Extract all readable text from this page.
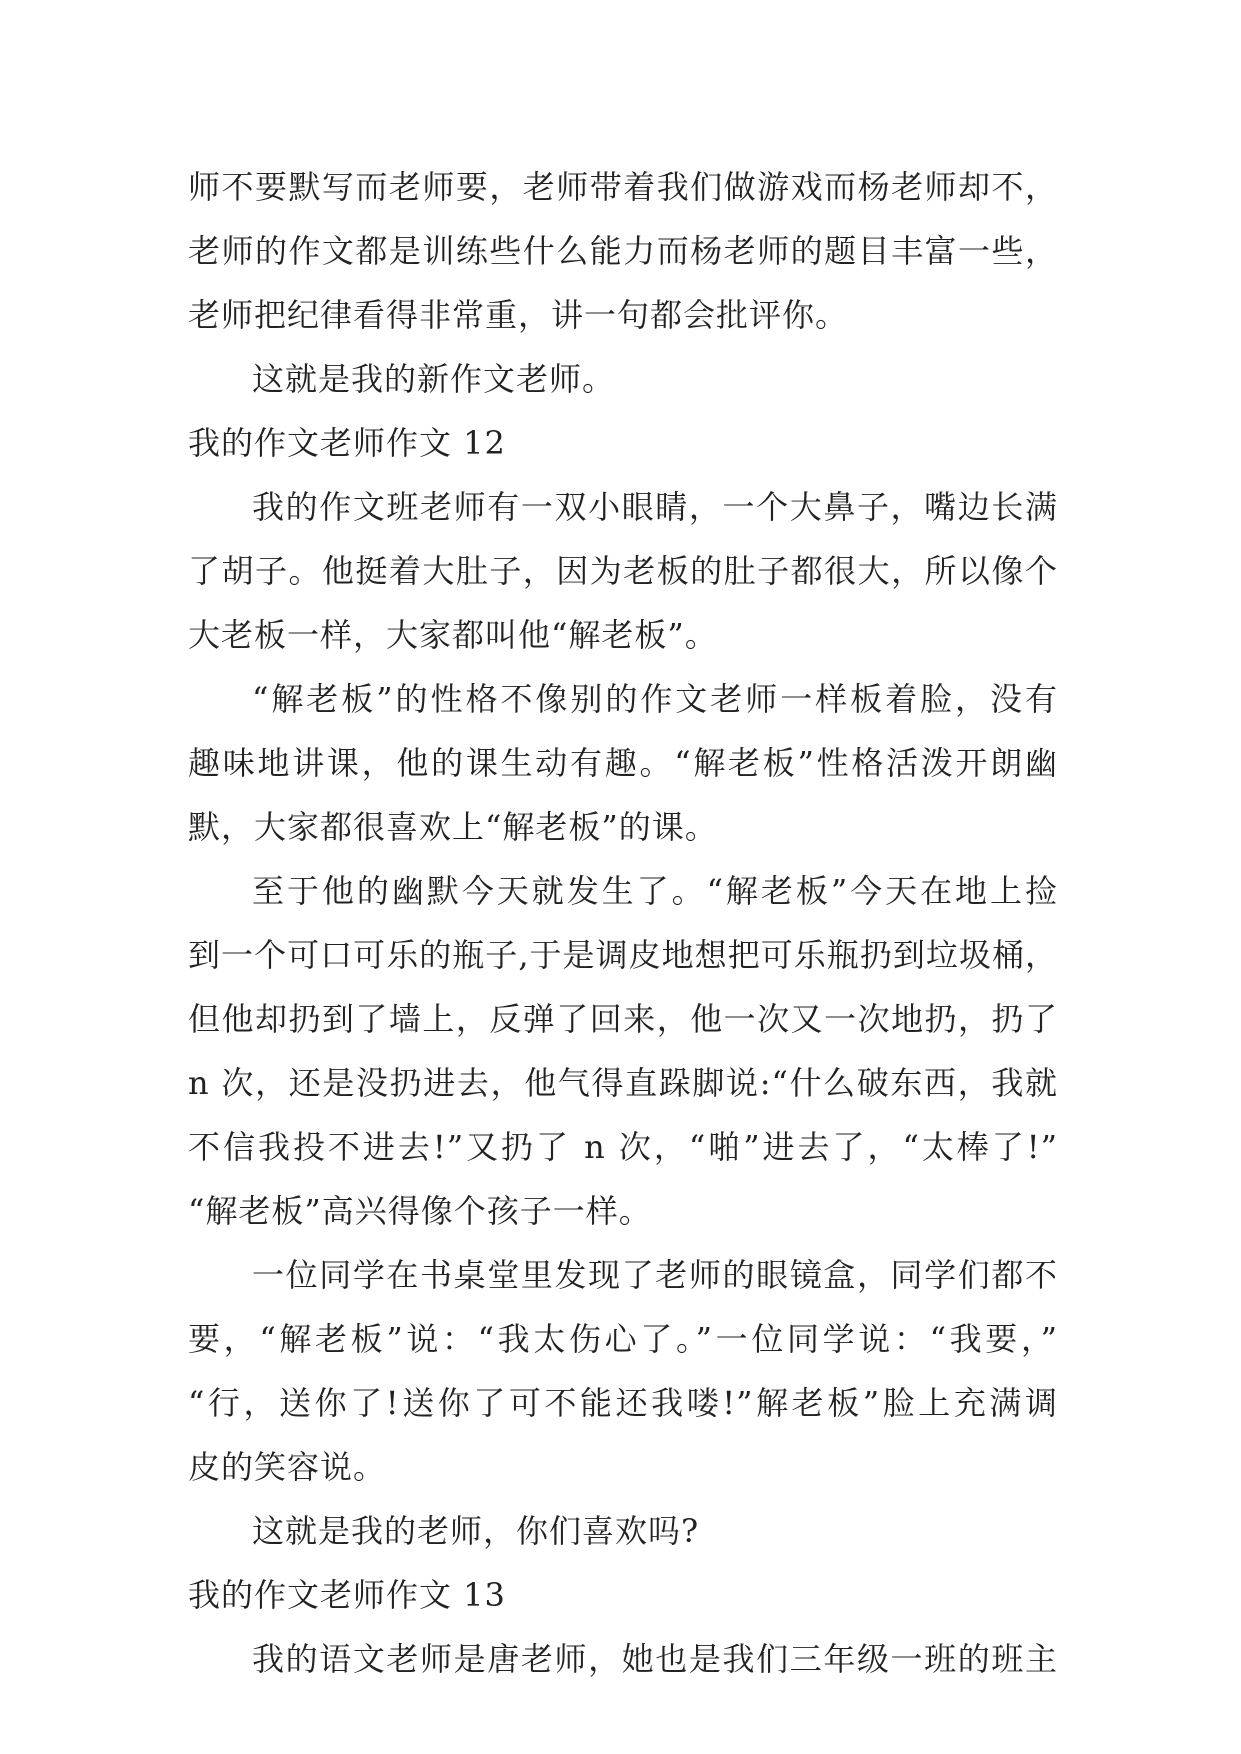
师不要默写而老师要，老师带着我们做游戏而杨老师却不，
老师的作文都是训练些什么能力而杨老师的题目丰富一些，
老师把纪律看得非常重，讲一句都会批评你。
这就是我的新作文老师。
我的作文老师作文 12
我的作文班老师有一双小眼睛，一个大鼻子，嘴边长满
了胡子。他挺着大肚子，因为老板的肚子都很大，所以像个
大老板一样，大家都叫他“解老板”。
“解老板”的性格不像别的作文老师一样板着脸，没有
趣味地讲课，他的课生动有趣。“解老板”性格活泼开朗幽
默，大家都很喜欢上“解老板”的课。
至于他的幽默今天就发生了。“解老板”今天在地上捡
到一个可口可乐的瓶子,于是调皮地想把可乐瓶扔到垃圾桶，
但他却扔到了墙上，反弹了回来，他一次又一次地扔，扔了
n 次，还是没扔进去，他气得直跺脚说:“什么破东西，我就
不信我投不进去!”又扔了 n 次，“啪”进去了，“太棒了!”
“解老板”高兴得像个孩子一样。
一位同学在书桌堂里发现了老师的眼镜盒，同学们都不
要，“解老板”说：“我太伤心了。”一位同学说：“我要，”
“行，送你了!送你了可不能还我喽!”解老板”脸上充满调
皮的笑容说。
这就是我的老师，你们喜欢吗?
我的作文老师作文 13
我的语文老师是唐老师，她也是我们三年级一班的班主
